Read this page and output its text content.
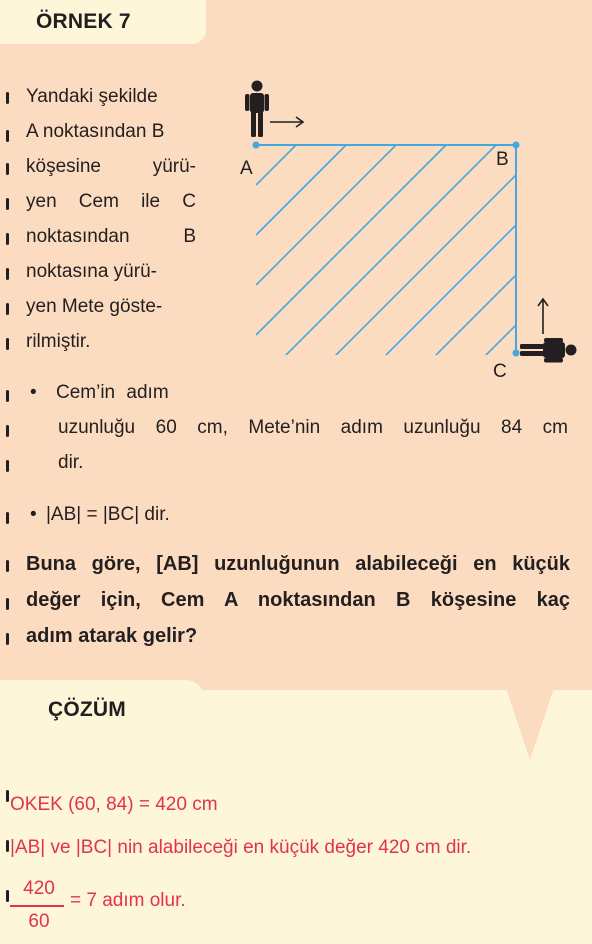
ÖRNEK 7
Yandaki şekilde
A noktasından B
köşesine yürü-
yen Cem ile C
noktasından B
noktasına yürü-
yen Mete göste-
rilmiştir.
A	B
C
• Cem’in adım
uzunluğu 60 cm, Mete’nin adım uzunluğu 84 cm
dir.
• |AB| = |BC| dir.
Buna göre, [AB] uzunluğunun alabileceği en küçük
değer için, Cem A noktasından B köşesine kaç
adım atarak gelir?
ÇÖZÜM
OKEK (60, 84) = 420 cm
|AB| ve |BC| nin alabileceği en küçük değer 420 cm dir.
420
60
= 7 adım olur.
